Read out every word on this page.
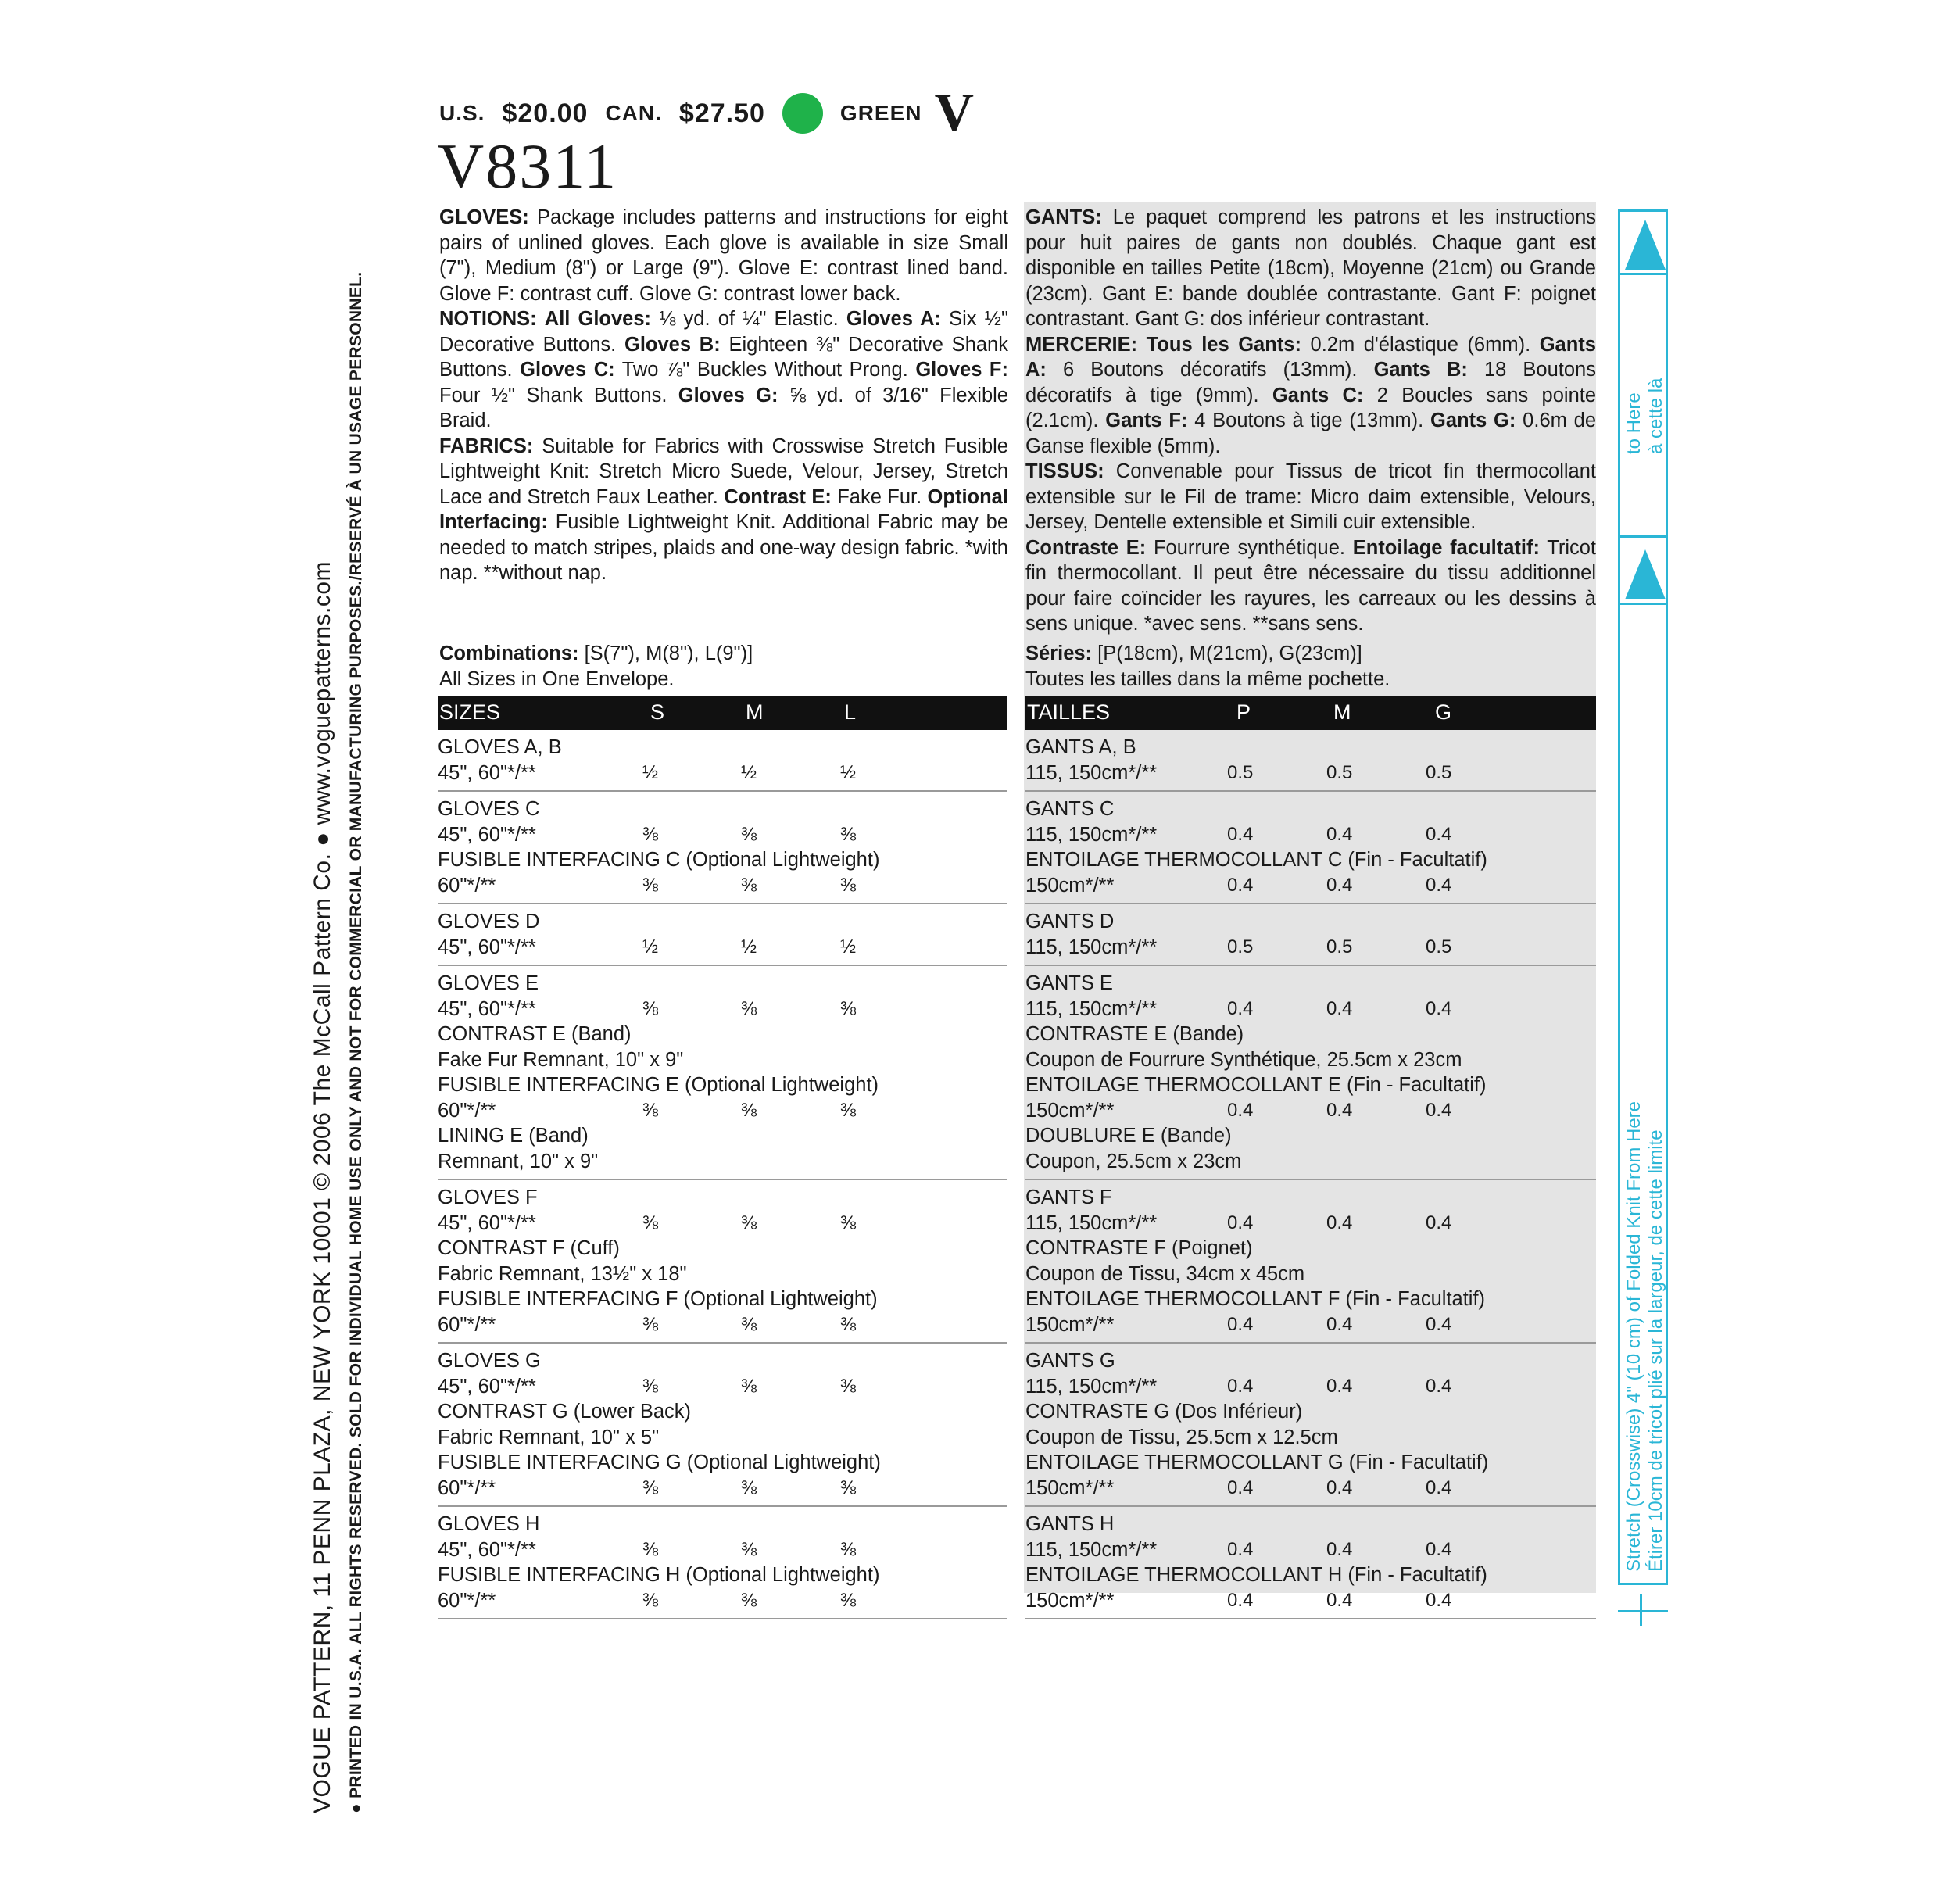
U.S. $20.00 CAN. $27.50	GREEN V
V8311
VOGUE PATTERN, 11 PENN PLAZA, NEW YORK 10001 © 2006 The McCall Pattern Co. ● www.voguepatterns.com ● PRINTED IN U.S.A. ALL RIGHTS RESERVED. SOLD FOR INDIVIDUAL HOME USE ONLY AND NOT FOR COMMERCIAL OR MANUFACTURING PURPOSES./RESERVÉ À UN USAGE PERSONNEL.
GLOVES: Package includes patterns and instructions for eight pairs of unlined gloves. Each glove is available in size Small (7"), Medium (8") or Large (9"). Glove E: contrast lined band. Glove F: contrast cuff. Glove G: contrast lower back.
NOTIONS: All Gloves: ⅛ yd. of ¼" Elastic. Gloves A: Six ½" Decorative Buttons. Gloves B: Eighteen ⅜" Decorative Shank Buttons. Gloves C: Two ⅞" Buckles Without Prong. Gloves F: Four ½" Shank Buttons. Gloves G: ⅝ yd. of 3/16" Flexible Braid.
FABRICS: Suitable for Fabrics with Crosswise Stretch Fusible Lightweight Knit: Stretch Micro Suede, Velour, Jersey, Stretch Lace and Stretch Faux Leather. Contrast E: Fake Fur. Optional Interfacing: Fusible Lightweight Knit. Additional Fabric may be needed to match stripes, plaids and one-way design fabric. *with nap. **without nap.
GANTS: Le paquet comprend les patrons et les instructions pour huit paires de gants non doublés. Chaque gant est disponible en tailles Petite (18cm), Moyenne (21cm) ou Grande (23cm). Gant E: bande doublée contrastante. Gant F: poignet contrastant. Gant G: dos inférieur contrastant.
MERCERIE: Tous les Gants: 0.2m d'élastique (6mm). Gants A: 6 Boutons décoratifs (13mm). Gants B: 18 Boutons décoratifs à tige (9mm). Gants C: 2 Boucles sans pointe (2.1cm). Gants F: 4 Boutons à tige (13mm). Gants G: 0.6m de Ganse flexible (5mm).
TISSUS: Convenable pour Tissus de tricot fin thermocollant extensible sur le Fil de trame: Micro daim extensible, Velours, Jersey, Dentelle extensible et Simili cuir extensible.
Contraste E: Fourrure synthétique. Entoilage facultatif: Tricot fin thermocollant. Il peut être nécessaire du tissu additionnel pour faire coïncider les rayures, les carreaux ou les dessins à sens unique. *avec sens. **sans sens.
Combinations: [S(7"), M(8"), L(9")]
All Sizes in One Envelope.
Séries: [P(18cm), M(21cm), G(23cm)]
Toutes les tailles dans la même pochette.
SIZES	S	M	L
GLOVES A, B
45", 60"*/**	½	½	½
GLOVES C
45", 60"*/**	⅜	⅜	⅜
FUSIBLE INTERFACING C (Optional Lightweight)
60"*/**	⅜	⅜	⅜
GLOVES D
45", 60"*/**	½	½	½
GLOVES E
45", 60"*/**	⅜	⅜	⅜
CONTRAST E (Band)
Fake Fur Remnant, 10" x 9"
FUSIBLE INTERFACING E (Optional Lightweight)
60"*/**	⅜	⅜	⅜
LINING E (Band)
Remnant, 10" x 9"
GLOVES F
45", 60"*/**	⅜	⅜	⅜
CONTRAST F (Cuff)
Fabric Remnant, 13½" x 18"
FUSIBLE INTERFACING F (Optional Lightweight)
60"*/**	⅜	⅜	⅜
GLOVES G
45", 60"*/**	⅜	⅜	⅜
CONTRAST G (Lower Back)
Fabric Remnant, 10" x 5"
FUSIBLE INTERFACING G (Optional Lightweight)
60"*/**	⅜	⅜	⅜
GLOVES H
45", 60"*/**	⅜	⅜	⅜
FUSIBLE INTERFACING H (Optional Lightweight)
60"*/**	⅜	⅜	⅜
TAILLES	P	M	G
GANTS A, B
115, 150cm*/**	0.5	0.5	0.5
GANTS C
115, 150cm*/**	0.4	0.4	0.4
ENTOILAGE THERMOCOLLANT C (Fin - Facultatif)
150cm*/**	0.4	0.4	0.4
GANTS D
115, 150cm*/**	0.5	0.5	0.5
GANTS E
115, 150cm*/**	0.4	0.4	0.4
CONTRASTE E (Bande)
Coupon de Fourrure Synthétique, 25.5cm x 23cm
ENTOILAGE THERMOCOLLANT E (Fin - Facultatif)
150cm*/**	0.4	0.4	0.4
DOUBLURE E (Bande)
Coupon, 25.5cm x 23cm
GANTS F
115, 150cm*/**	0.4	0.4	0.4
CONTRASTE F (Poignet)
Coupon de Tissu, 34cm x 45cm
ENTOILAGE THERMOCOLLANT F (Fin - Facultatif)
150cm*/**	0.4	0.4	0.4
GANTS G
115, 150cm*/**	0.4	0.4	0.4
CONTRASTE G (Dos Inférieur)
Coupon de Tissu, 25.5cm x 12.5cm
ENTOILAGE THERMOCOLLANT G (Fin - Facultatif)
150cm*/**	0.4	0.4	0.4
GANTS H
115, 150cm*/**	0.4	0.4	0.4
ENTOILAGE THERMOCOLLANT H (Fin - Facultatif)
150cm*/**	0.4	0.4	0.4
to Here à cette là
Stretch (Crosswise) 4" (10 cm) of Folded Knit From Here Étirer 10cm de tricot plié sur la largeur, de cette limite
